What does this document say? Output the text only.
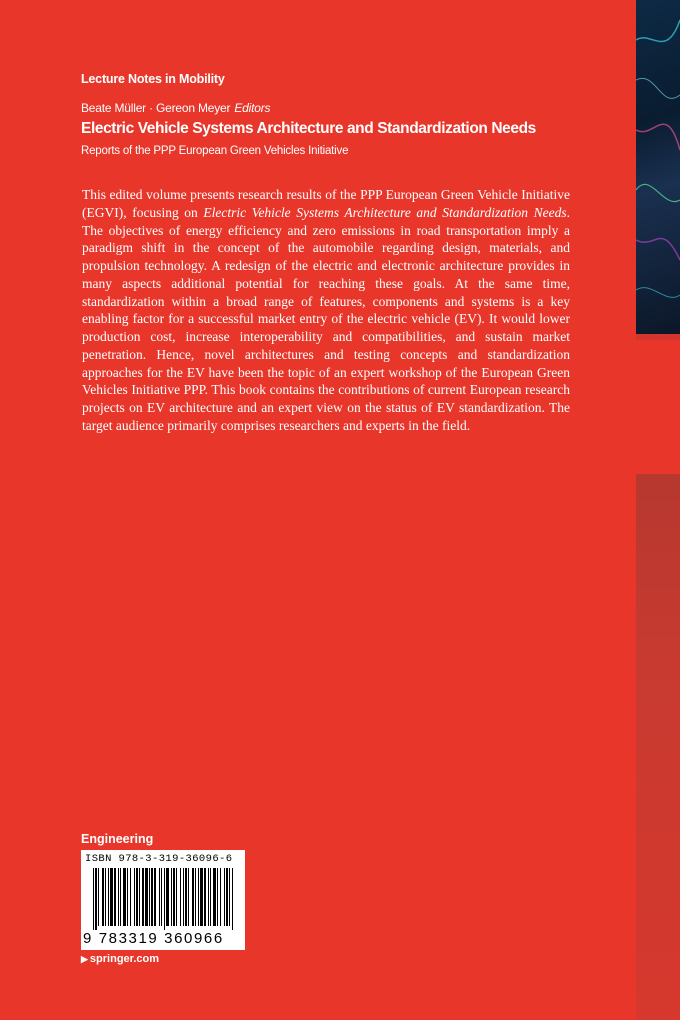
Lecture Notes in Mobility
Beate Müller · Gereon Meyer Editors
Electric Vehicle Systems Architecture and Standardization Needs
Reports of the PPP European Green Vehicles Initiative

This edited volume presents research results of the PPP European Green Vehicle Initiative (EGVI), focusing on Electric Vehicle Systems Architecture and Standardization Needs. The objectives of energy efficiency and zero emissions in road transportation imply a paradigm shift in the concept of the automobile regarding design, materials, and propulsion technology. A redesign of the electric and electronic architecture provides in many aspects additional potential for reaching these goals. At the same time, standardization within a broad range of features, components and systems is a key enabling factor for a successful market entry of the electric vehicle (EV). It would lower production cost, increase interoperability and compatibilities, and sustain market penetration. Hence, novel architectures and testing concepts and standardization approaches for the EV have been the topic of an expert workshop of the European Green Vehicles Initiative PPP. This book contains the contributions of current European research projects on EV architecture and an expert view on the status of EV standardization. The target audience primarily comprises researchers and experts in the field.

Engineering
ISBN 978-3-319-36096-6
9 783319 360966
▶ springer.com
